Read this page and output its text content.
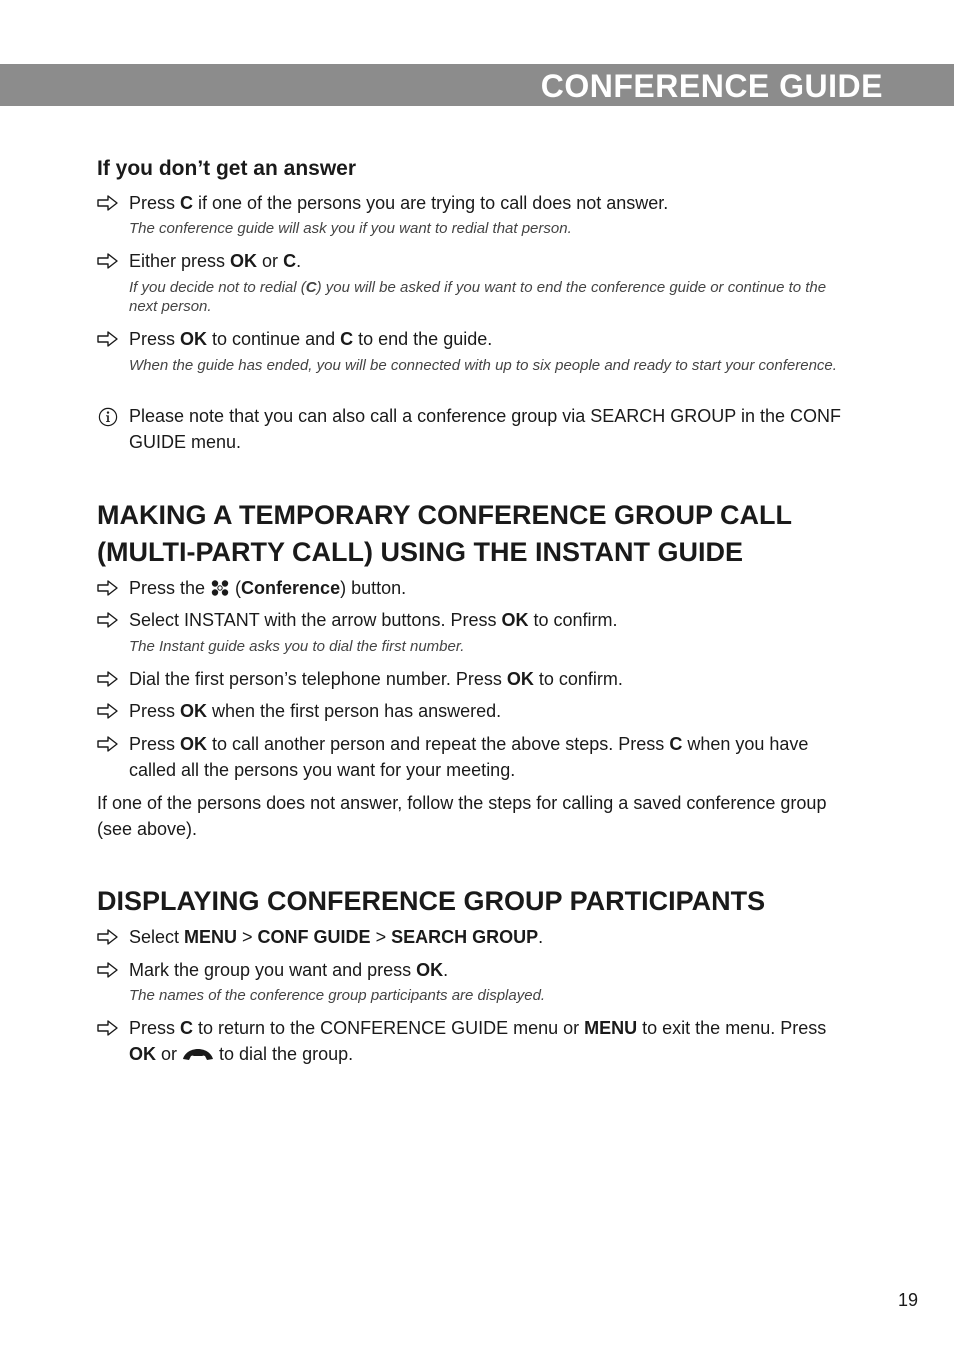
CONFERENCE GUIDE
If you don’t get an answer
Press C if one of the persons you are trying to call does not answer.
The conference guide will ask you if you want to redial that person.
Either press OK or C.
If you decide not to redial (C) you will be asked if you want to end the conference guide or continue to the next person.
Press OK to continue and C to end the guide.
When the guide has ended, you will be connected with up to six people and ready to start your conference.
Please note that you can also call a conference group via SEARCH GROUP in the CONF GUIDE menu.
MAKING A TEMPORARY CONFERENCE GROUP CALL (MULTI-PARTY CALL) USING THE INSTANT GUIDE
Press the  (Conference) button.
Select INSTANT with the arrow buttons. Press OK to confirm.
The Instant guide asks you to dial the first number.
Dial the first person’s telephone number. Press OK to confirm.
Press OK when the first person has answered.
Press OK to call another person and repeat the above steps. Press C when you have called all the persons you want for your meeting.
If one of the persons does not answer, follow the steps for calling a saved conference group (see above).
DISPLAYING CONFERENCE GROUP PARTICIPANTS
Select MENU > CONF GUIDE > SEARCH GROUP.
Mark the group you want and press OK.
The names of the conference group participants are displayed.
Press C to return to the CONFERENCE GUIDE menu or MENU to exit the menu. Press OK or  to dial the group.
19
